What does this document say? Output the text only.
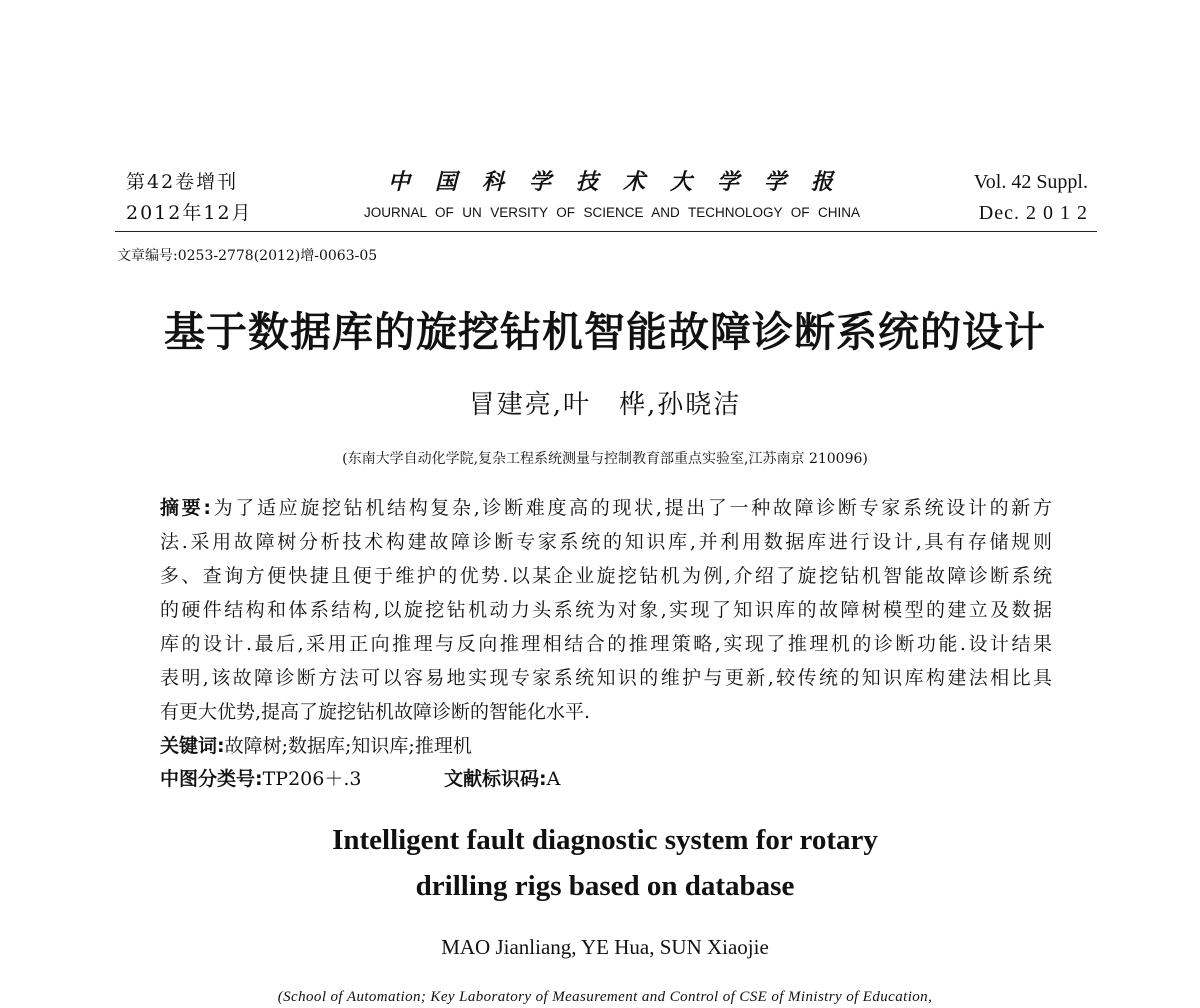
第42卷增刊
2012年12月
中国科学技术大学学报
JOURNAL OF UN VERSITY OF SCIENCE AND TECHNOLOGY OF CHINA
Vol. 42 Suppl.
Dec. 2 0 1 2
文章编号:0253-2778(2012)增-0063-05
基于数据库的旋挖钻机智能故障诊断系统的设计
冒建亮,叶　桦,孙晓洁
(东南大学自动化学院,复杂工程系统测量与控制教育部重点实验室,江苏南京 210096)
摘要:为了适应旋挖钻机结构复杂,诊断难度高的现状,提出了一种故障诊断专家系统设计的新方
法.采用故障树分析技术构建故障诊断专家系统的知识库,并利用数据库进行设计,具有存储规则
多、查询方便快捷且便于维护的优势.以某企业旋挖钻机为例,介绍了旋挖钻机智能故障诊断系统
的硬件结构和体系结构,以旋挖钻机动力头系统为对象,实现了知识库的故障树模型的建立及数据
库的设计.最后,采用正向推理与反向推理相结合的推理策略,实现了推理机的诊断功能.设计结果
表明,该故障诊断方法可以容易地实现专家系统知识的维护与更新,较传统的知识库构建法相比具
有更大优势,提高了旋挖钻机故障诊断的智能化水平.
关键词:故障树;数据库;知识库;推理机
中图分类号:TP206＋.3	文献标识码:A
Intelligent fault diagnostic system for rotary
drilling rigs based on database
MAO Jianliang, YE Hua, SUN Xiaojie
(School of Automation; Key Laboratory of Measurement and Control of CSE of Ministry of Education,
